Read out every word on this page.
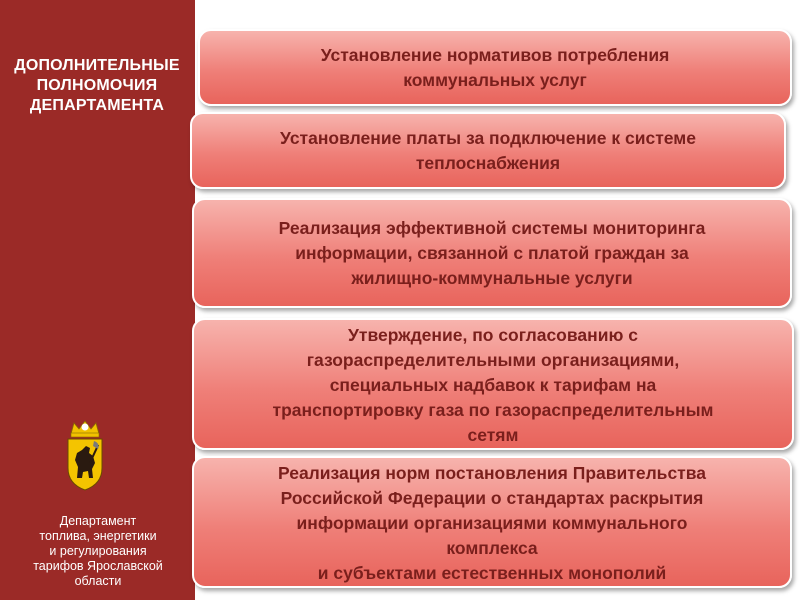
ДОПОЛНИТЕЛЬНЫЕ ПОЛНОМОЧИЯ ДЕПАРТАМЕНТА
Департамент
топлива, энергетики
и регулирования
тарифов Ярославской
области
Установление нормативов потребления
коммунальных услуг
Установление платы за подключение к системе
теплоснабжения
Реализация эффективной системы мониторинга
информации, связанной с платой граждан за
жилищно-коммунальные услуги
Утверждение, по согласованию с
газораспределительными организациями,
специальных надбавок к тарифам на
транспортировку газа по газораспределительным
сетям
Реализация норм постановления Правительства
Российской Федерации о стандартах раскрытия
информации организациями коммунального
комплекса
и субъектами естественных монополий
